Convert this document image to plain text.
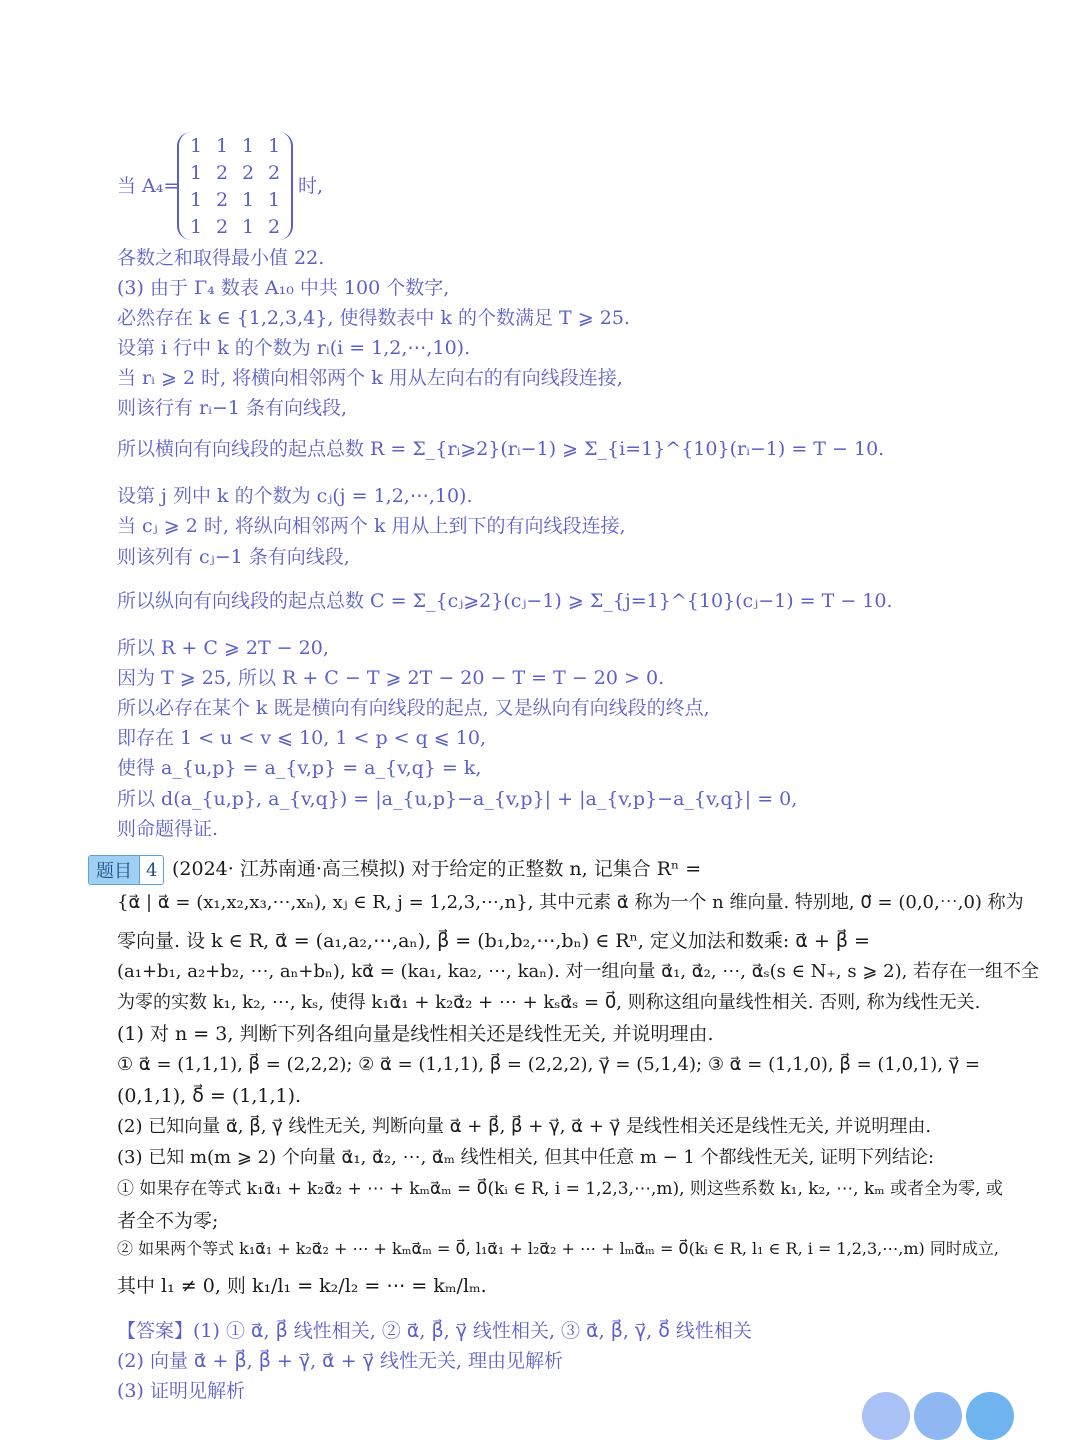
当 A₄=
1 1 1 1
1 2 2 2
1 2 1 1
1 2 1 2
时,
各数之和取得最小值 22.
(3) 由于 Γ₄ 数表 A₁₀ 中共 100 个数字,
必然存在 k ∈ {1,2,3,4}, 使得数表中 k 的个数满足 T ⩾ 25.
设第 i 行中 k 的个数为 rᵢ(i = 1,2,⋯,10).
当 rᵢ ⩾ 2 时, 将横向相邻两个 k 用从左向右的有向线段连接,
则该行有 rᵢ−1 条有向线段,
所以横向有向线段的起点总数 R = Σ_{rᵢ⩾2}(rᵢ−1) ⩾ Σ_{i=1}^{10}(rᵢ−1) = T − 10.
设第 j 列中 k 的个数为 cⱼ(j = 1,2,⋯,10).
当 cⱼ ⩾ 2 时, 将纵向相邻两个 k 用从上到下的有向线段连接,
则该列有 cⱼ−1 条有向线段,
所以纵向有向线段的起点总数 C = Σ_{cⱼ⩾2}(cⱼ−1) ⩾ Σ_{j=1}^{10}(cⱼ−1) = T − 10.
所以 R + C ⩾ 2T − 20,
因为 T ⩾ 25, 所以 R + C − T ⩾ 2T − 20 − T = T − 20 > 0.
所以必存在某个 k 既是横向有向线段的起点, 又是纵向有向线段的终点,
即存在 1 < u < v ⩽ 10, 1 < p < q ⩽ 10,
使得 a_{u,p} = a_{v,p} = a_{v,q} = k,
所以 d(a_{u,p}, a_{v,q}) = |a_{u,p}−a_{v,p}| + |a_{v,p}−a_{v,q}| = 0,
则命题得证.
题目 4 (2024· 江苏南通·高三模拟) 对于给定的正整数 n, 记集合 Rⁿ =
{α⃗ | α⃗ = (x₁,x₂,x₃,⋯,xₙ), xⱼ ∈ R, j = 1,2,3,⋯,n}, 其中元素 α⃗ 称为一个 n 维向量. 特别地, 0⃗ = (0,0,⋯,0) 称为
零向量. 设 k ∈ R, α⃗ = (a₁,a₂,⋯,aₙ), β⃗ = (b₁,b₂,⋯,bₙ) ∈ Rⁿ, 定义加法和数乘: α⃗ + β⃗ =
(a₁+b₁, a₂+b₂, ⋯, aₙ+bₙ), kα⃗ = (ka₁, ka₂, ⋯, kaₙ). 对一组向量 α⃗₁, α⃗₂, ⋯, α⃗ₛ(s ∈ N₊, s ⩾ 2), 若存在一组不全
为零的实数 k₁, k₂, ⋯, kₛ, 使得 k₁α⃗₁ + k₂α⃗₂ + ⋯ + kₛα⃗ₛ = 0⃗, 则称这组向量线性相关. 否则, 称为线性无关.
(1) 对 n = 3, 判断下列各组向量是线性相关还是线性无关, 并说明理由.
① α⃗ = (1,1,1), β⃗ = (2,2,2); ② α⃗ = (1,1,1), β⃗ = (2,2,2), γ⃗ = (5,1,4); ③ α⃗ = (1,1,0), β⃗ = (1,0,1), γ⃗ =
(0,1,1), δ⃗ = (1,1,1).
(2) 已知向量 α⃗, β⃗, γ⃗ 线性无关, 判断向量 α⃗ + β⃗, β⃗ + γ⃗, α⃗ + γ⃗ 是线性相关还是线性无关, 并说明理由.
(3) 已知 m(m ⩾ 2) 个向量 α⃗₁, α⃗₂, ⋯, α⃗ₘ 线性相关, 但其中任意 m − 1 个都线性无关, 证明下列结论:
① 如果存在等式 k₁α⃗₁ + k₂α⃗₂ + ⋯ + kₘα⃗ₘ = 0⃗(kᵢ ∈ R, i = 1,2,3,⋯,m), 则这些系数 k₁, k₂, ⋯, kₘ 或者全为零, 或
者全不为零;
② 如果两个等式 k₁α⃗₁ + k₂α⃗₂ + ⋯ + kₘα⃗ₘ = 0⃗, l₁α⃗₁ + l₂α⃗₂ + ⋯ + lₘα⃗ₘ = 0⃗(kᵢ ∈ R, l₁ ∈ R, i = 1,2,3,⋯,m) 同时成立,
其中 l₁ ≠ 0, 则 k₁/l₁ = k₂/l₂ = ⋯ = kₘ/lₘ.
【答案】(1) ① α⃗, β⃗ 线性相关, ② α⃗, β⃗, γ⃗ 线性相关, ③ α⃗, β⃗, γ⃗, δ⃗ 线性相关
(2) 向量 α⃗ + β⃗, β⃗ + γ⃗, α⃗ + γ⃗ 线性无关, 理由见解析
(3) 证明见解析
